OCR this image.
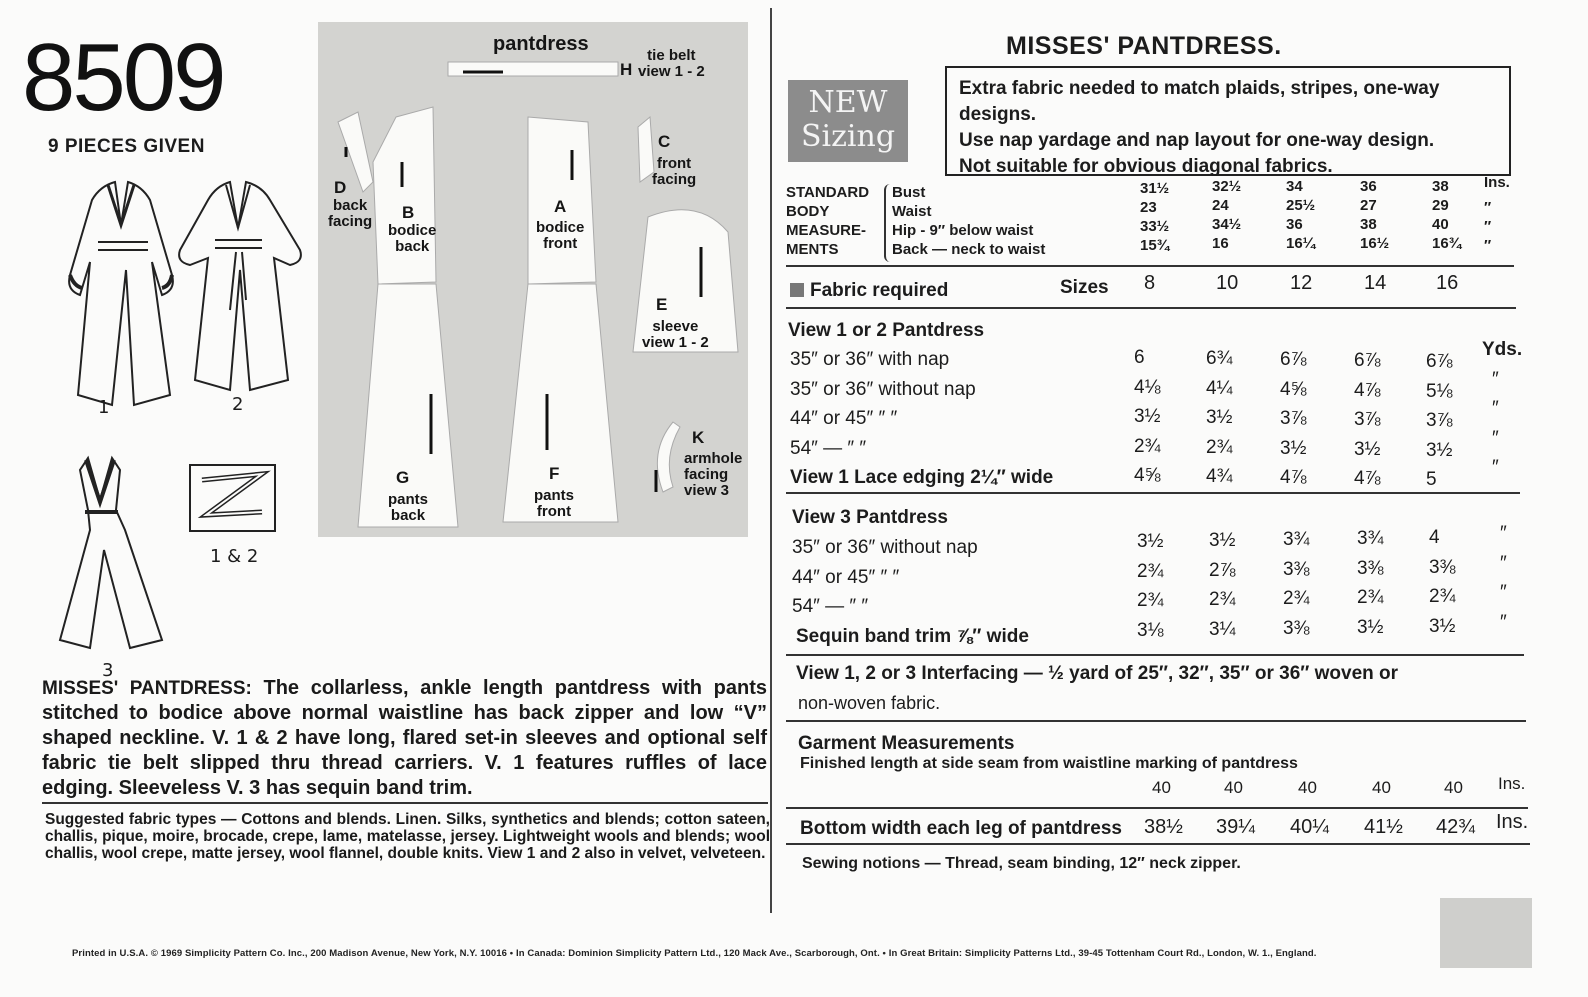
8509
9 PIECES GIVEN
1	2
3
1 & 2
pantdress
H
tie belt
view 1 - 2
C
front
facing
D
back
facing B
bodice
back
A
bodice
front
E
sleeve
view 1 - 2
G
pants
back
F
pants
front
K
armhole
facing
view 3
MISSES' PANTDRESS: The collarless, ankle length pantdress with pants stitched to bodice above normal waistline has back zipper and low “V” shaped neckline. V. 1 & 2 have long, flared set-in sleeves and optional self fabric tie belt slipped thru thread carriers. V. 1 features ruffles of lace edging. Sleeveless V. 3 has sequin band trim.
Suggested fabric types — Cottons and blends. Linen. Silks, synthetics and blends; cotton sateen, challis, pique, moire, brocade, crepe, lame, matelasse, jersey. Lightweight wools and blends; wool challis, wool crepe, matte jersey, wool flannel, double knits. View 1 and 2 also in velvet, velveteen.
Printed in U.S.A. © 1969 Simplicity Pattern Co. Inc., 200 Madison Avenue, New York, N.Y. 10016 • In Canada: Dominion Simplicity Pattern Ltd., 120 Mack Ave., Scarborough, Ont. • In Great Britain: Simplicity Patterns Ltd., 39-45 Tottenham Court Rd., London, W. 1., England.
MISSES' PANTDRESS.
NEW
Sizing
Extra fabric needed to match plaids, stripes, one-way designs.
Use nap yardage and nap layout for one-way design.
Not suitable for obvious diagonal fabrics.
STANDARD
BODY
MEASURE-
MENTS
Bust	31½	32½	34	36	38 Ins.
Waist	23	24	25½	27	29 ″
Hip - 9″ below waist	33½	34½	36	38	40 ″
Back — neck to waist	15¾	16	16¼	16½	16¾ ″
Fabric required	Sizes 8	10	12	14 16
View 1 or 2 Pantdress
35″ or 36″ with nap	6	6¾	6⅞	6⅞ 6⅞
Yds.
35″ or 36″ without nap	4⅛ 4¼	4⅝	4⅞ 5⅛
″
44″ or 45″ ″ ″	3½ 3½	3⅞	3⅞ 3⅞
″
54″ — ″ ″	2¾ 2¾	3½	3½ 3½
″
View 1 Lace edging 2¼″ wide	4⅝ 4¾	4⅞	4⅞ 5
″
View 3 Pantdress
35″ or 36″ without nap	3½ 3½	3¾	3¾ 4	″
44″ or 45″ ″ ″	2¾ 2⅞	3⅜	3⅜ 3⅜ ″
54″ — ″ ″	2¾ 2¾	2¾	2¾ 2¾ ″
Sequin band trim ⅞″ wide	3⅛ 3¼	3⅜	3½ 3½ ″
View 1, 2 or 3 Interfacing — ½ yard of 25″, 32″, 35″ or 36″ woven or
non-woven fabric.
Garment Measurements
Finished length at side seam from waistline marking of pantdress
40	40	40	40	40 Ins.
Bottom width each leg of pantdress 38½ 39¼ 40¼ 41½ 42¾ Ins.
Sewing notions — Thread, seam binding, 12″ neck zipper.
